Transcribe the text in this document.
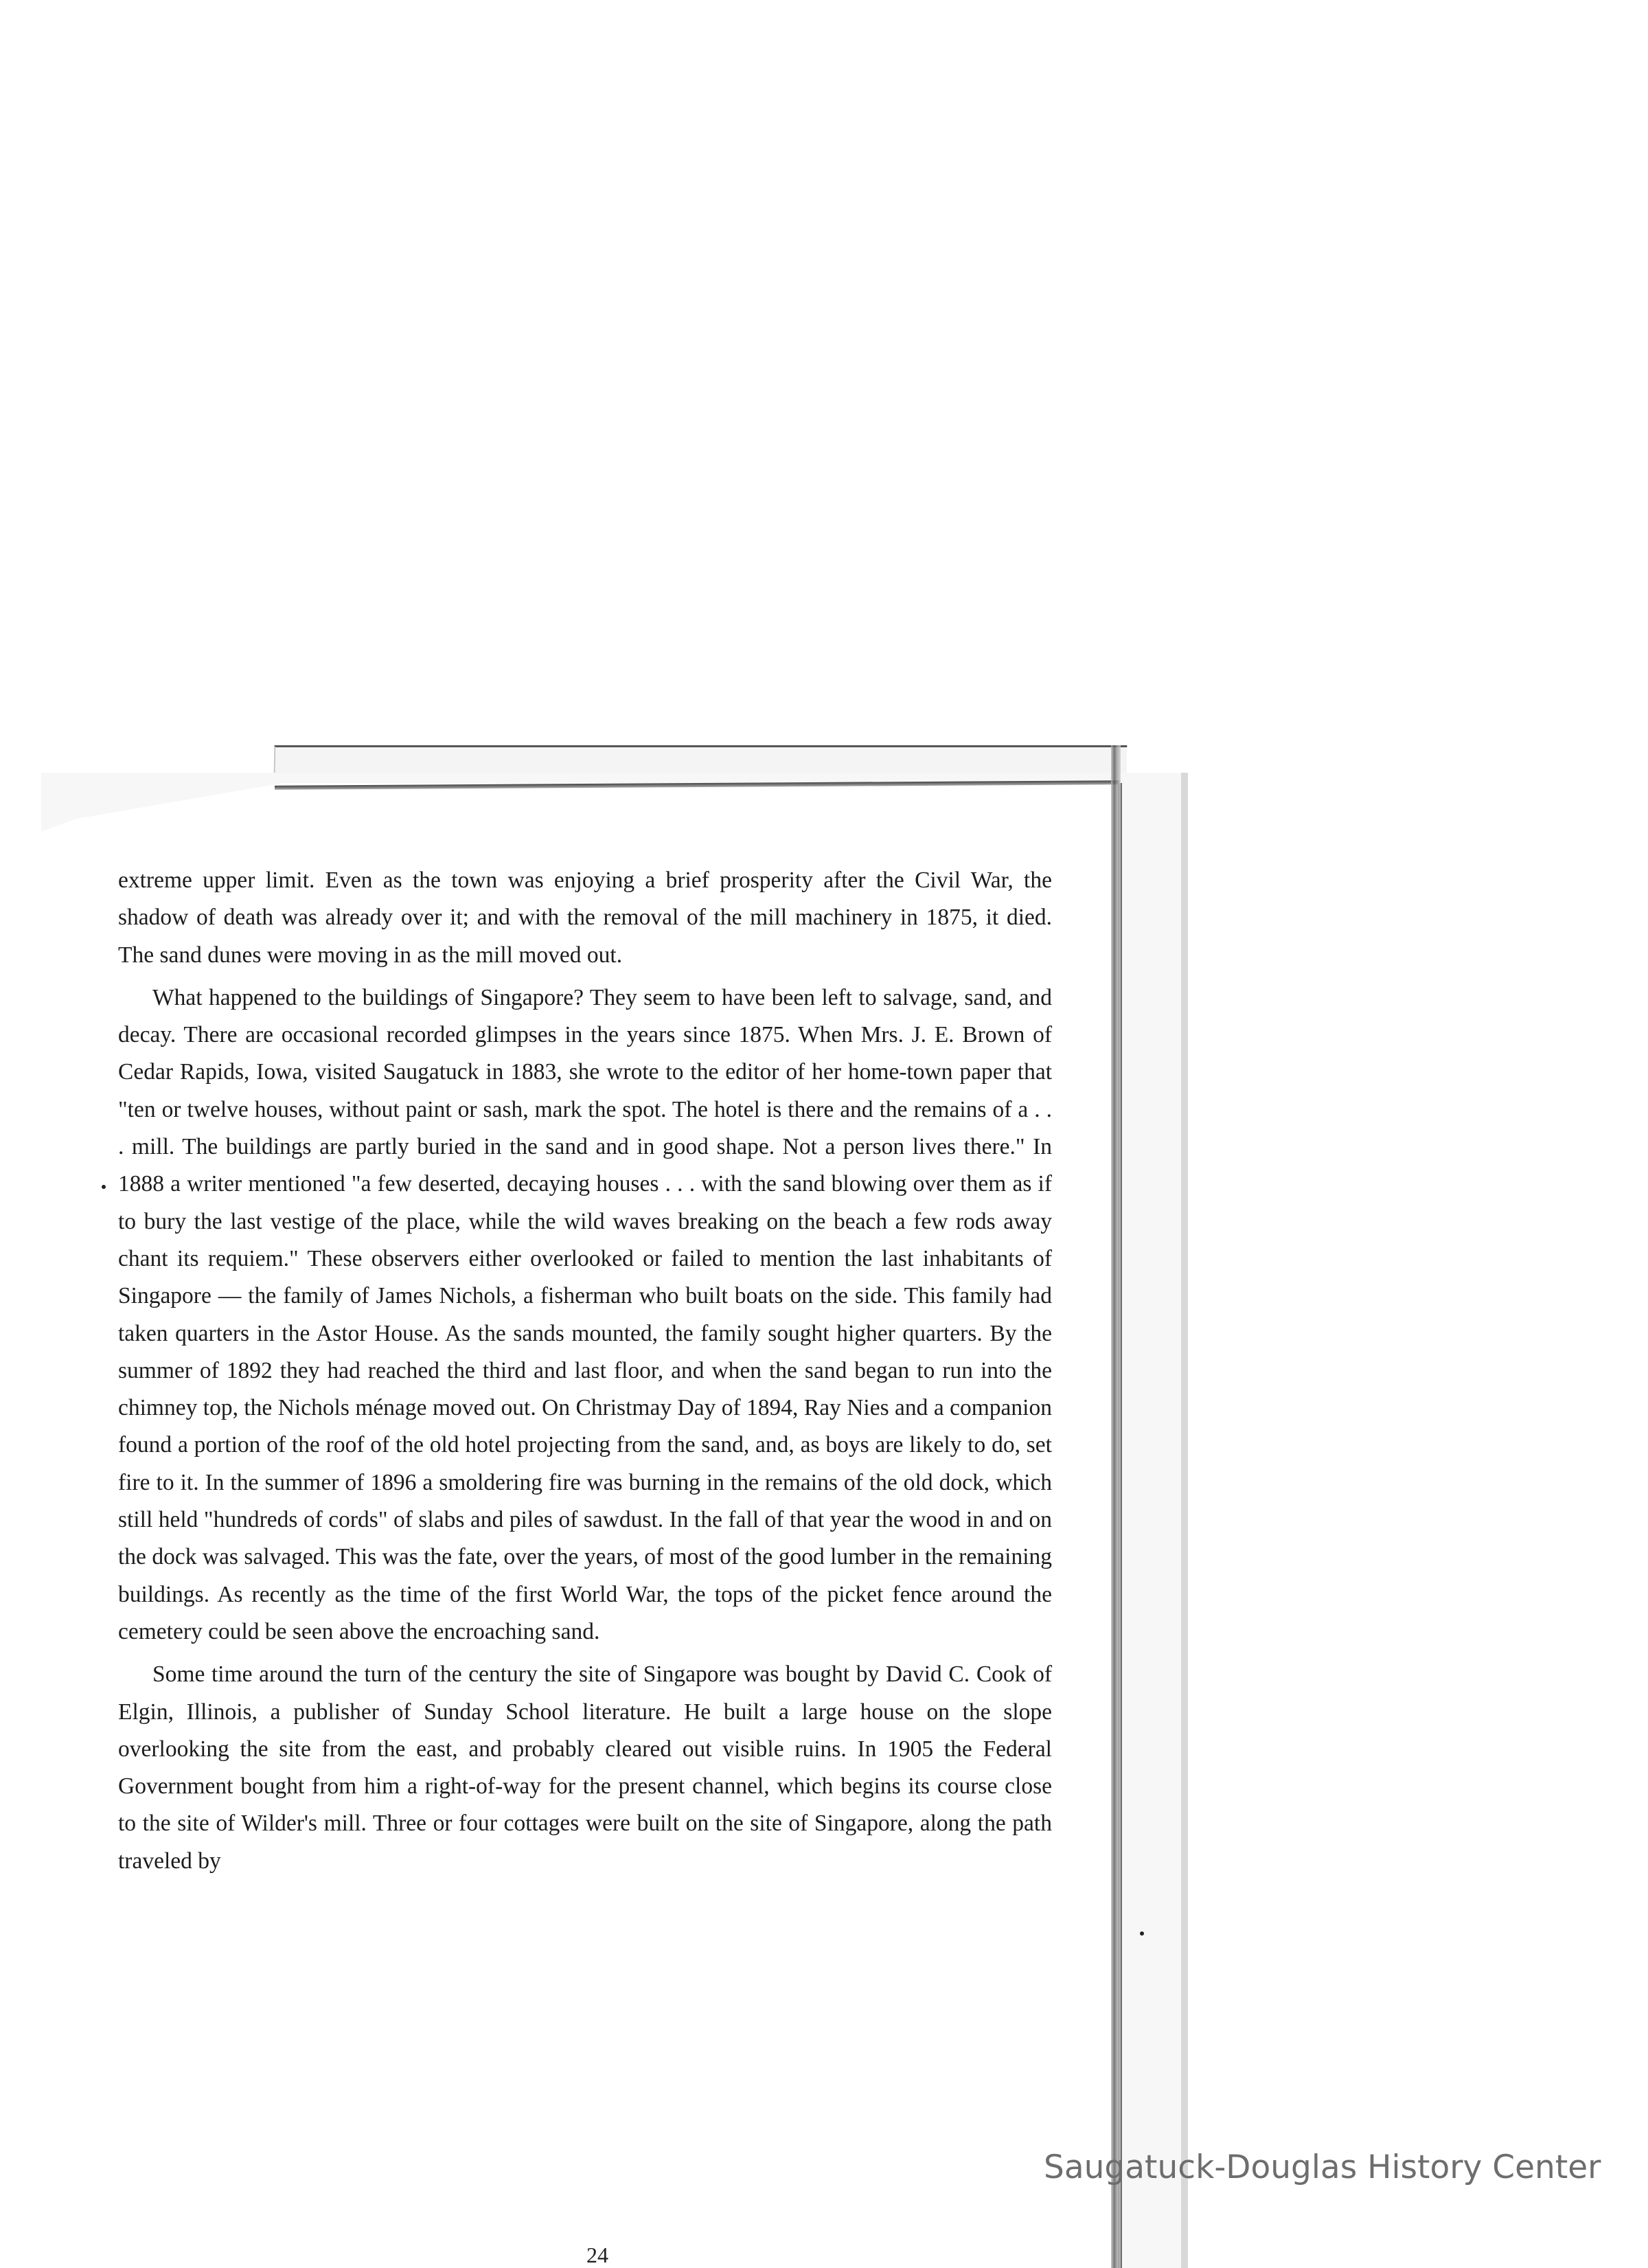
extreme upper limit. Even as the town was enjoying a brief prosperity after the Civil War, the shadow of death was already over it; and with the removal of the mill machinery in 1875, it died. The sand dunes were moving in as the mill moved out.

What happened to the buildings of Singapore? They seem to have been left to salvage, sand, and decay. There are occasional recorded glimpses in the years since 1875. When Mrs. J. E. Brown of Cedar Rapids, Iowa, visited Saugatuck in 1883, she wrote to the editor of her home-town paper that "ten or twelve houses, without paint or sash, mark the spot. The hotel is there and the remains of a . . . mill. The buildings are partly buried in the sand and in good shape. Not a person lives there." In 1888 a writer mentioned "a few deserted, decaying houses . . . with the sand blowing over them as if to bury the last vestige of the place, while the wild waves breaking on the beach a few rods away chant its requiem." These observers either overlooked or failed to mention the last inhabitants of Singapore — the family of James Nichols, a fisherman who built boats on the side. This family had taken quarters in the Astor House. As the sands mounted, the family sought higher quarters. By the summer of 1892 they had reached the third and last floor, and when the sand began to run into the chimney top, the Nichols ménage moved out. On Christmay Day of 1894, Ray Nies and a companion found a portion of the roof of the old hotel projecting from the sand, and, as boys are likely to do, set fire to it. In the summer of 1896 a smoldering fire was burning in the remains of the old dock, which still held "hundreds of cords" of slabs and piles of sawdust. In the fall of that year the wood in and on the dock was salvaged. This was the fate, over the years, of most of the good lumber in the remaining buildings. As recently as the time of the first World War, the tops of the picket fence around the cemetery could be seen above the encroaching sand.

Some time around the turn of the century the site of Singapore was bought by David C. Cook of Elgin, Illinois, a publisher of Sunday School literature. He built a large house on the slope overlooking the site from the east, and probably cleared out visible ruins. In 1905 the Federal Government bought from him a right-of-way for the present channel, which begins its course close to the site of Wilder's mill. Three or four cottages were built on the site of Singapore, along the path traveled by

24
Saugatuck-Douglas History Center
